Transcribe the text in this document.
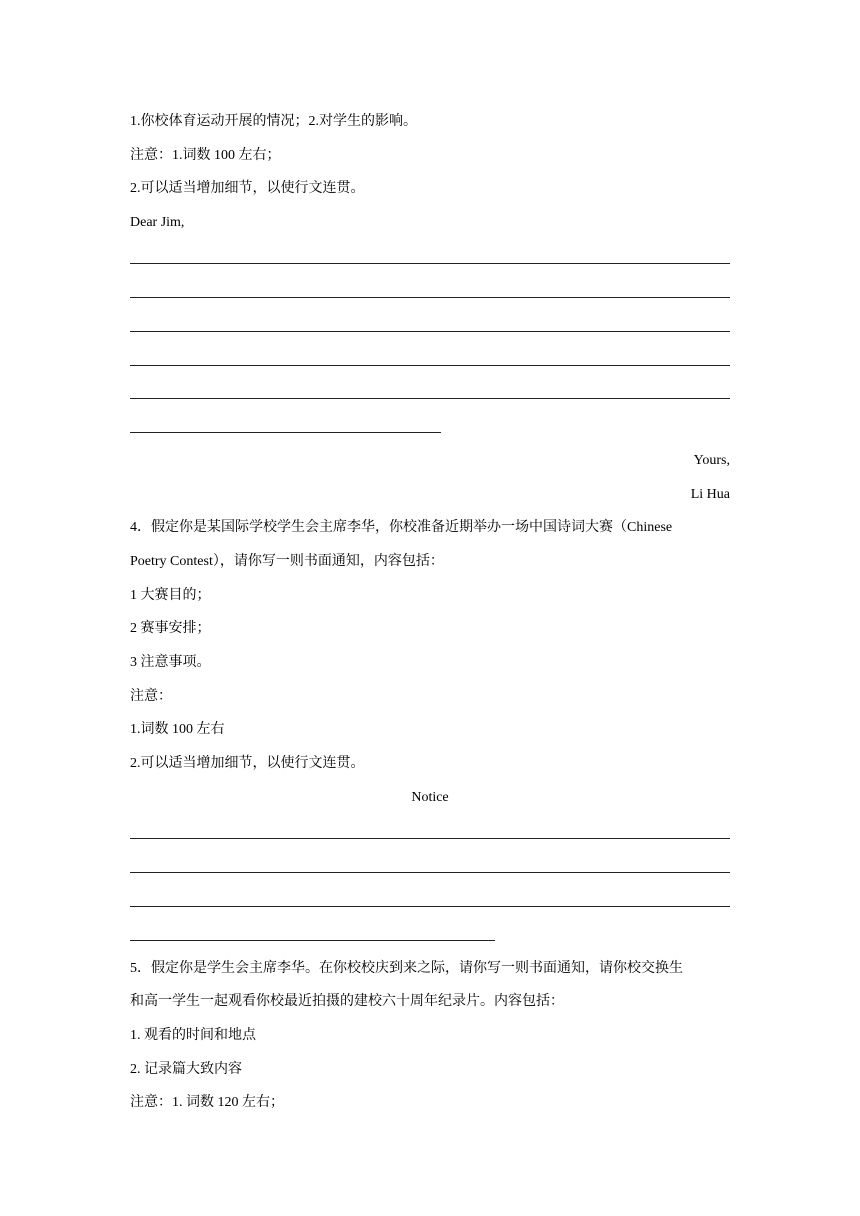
1.你校体育运动开展的情况；2.对学生的影响。
注意：1.词数 100 左右；
2.可以适当增加细节，以使行文连贯。
Dear Jim,
Yours,
Li Hua
4．假定你是某国际学校学生会主席李华，你校准备近期举办一场中国诗词大赛（Chinese
Poetry Contest），请你写一则书面通知，内容包括：
1 大赛目的；
2 赛事安排；
3 注意事项。
注意：
1.词数 100 左右
2.可以适当增加细节，以使行文连贯。
Notice
5．假定你是学生会主席李华。在你校校庆到来之际，请你写一则书面通知，请你校交换生
和高一学生一起观看你校最近拍摄的建校六十周年纪录片。内容包括：
1. 观看的时间和地点
2. 记录篇大致内容
注意：1. 词数 120 左右；
